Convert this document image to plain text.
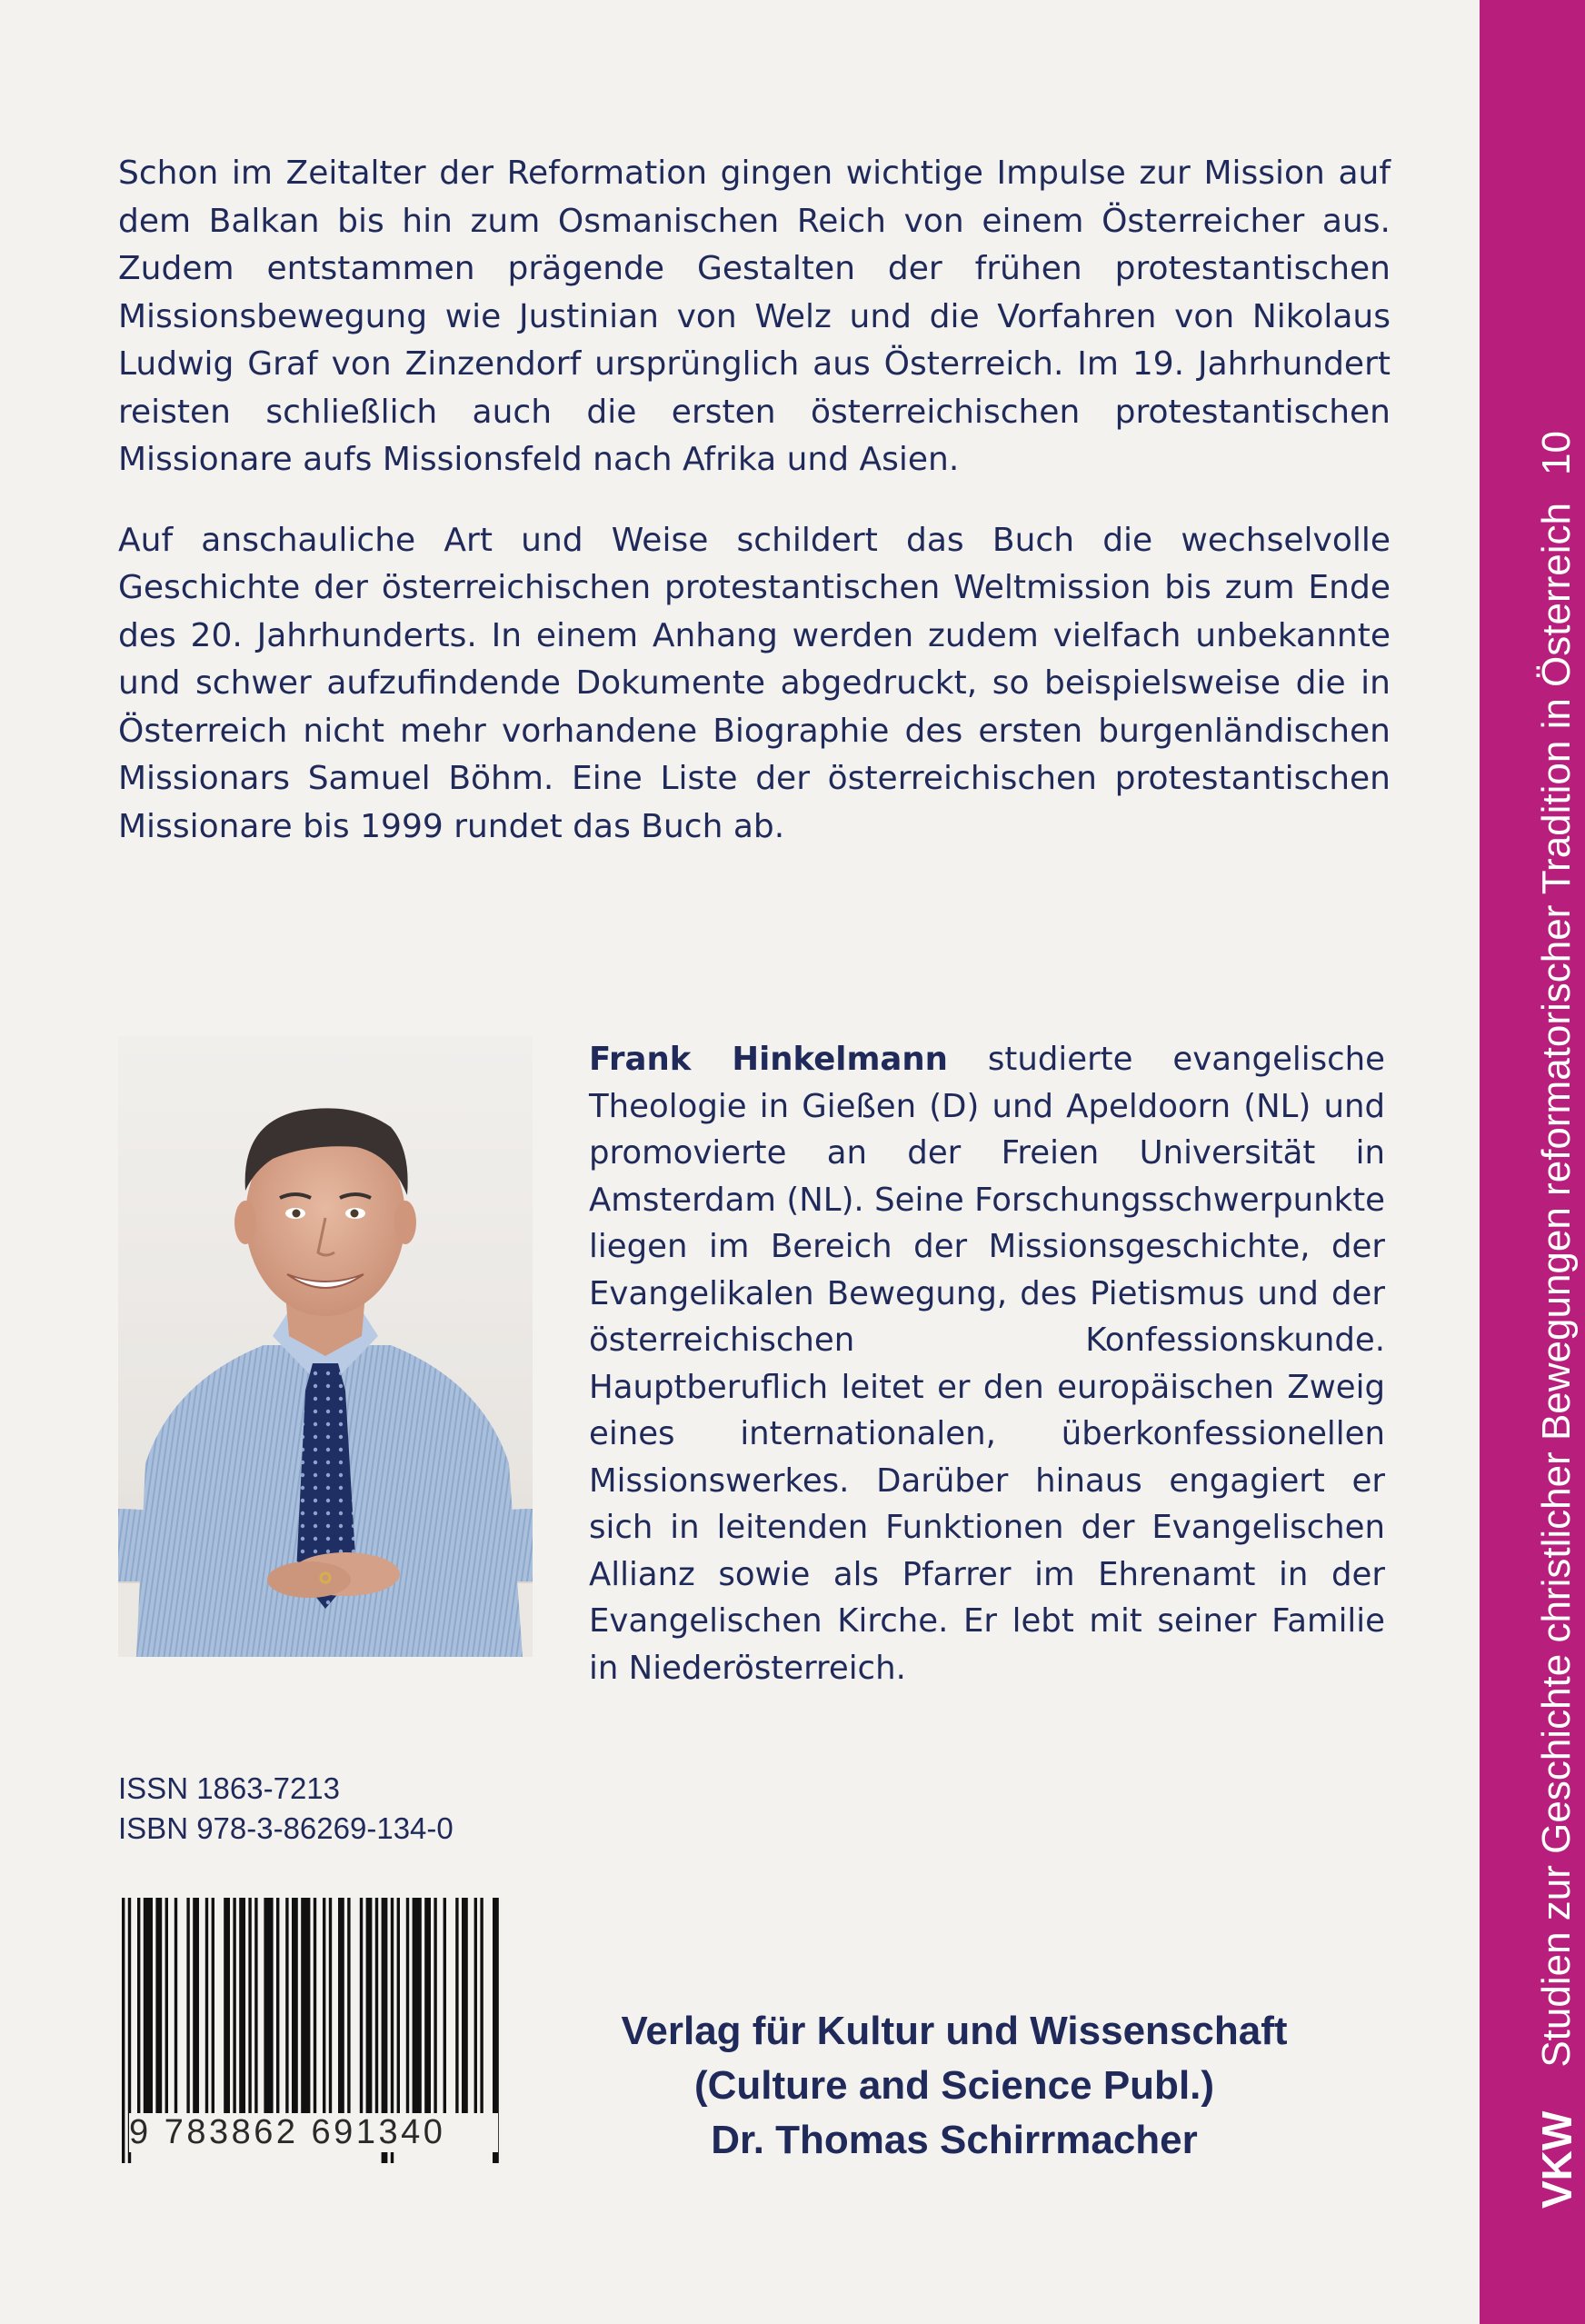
Schon im Zeitalter der Reformation gingen wichtige Impulse zur Mission auf dem Balkan bis hin zum Osmanischen Reich von einem Österreicher aus. Zudem entstammen prägende Gestalten der frühen protestantischen Missionsbewegung wie Justinian von Welz und die Vorfahren von Nikolaus Ludwig Graf von Zinzendorf ursprünglich aus Österreich. Im 19. Jahrhundert reisten schließlich auch die ersten österreichischen protestantischen Missionare aufs Missionsfeld nach Afrika und Asien.

Auf anschauliche Art und Weise schildert das Buch die wechselvolle Geschichte der österreichischen protestantischen Weltmission bis zum Ende des 20. Jahrhunderts. In einem Anhang werden zudem vielfach unbekannte und schwer aufzufindende Dokumente abgedruckt, so beispielsweise die in Österreich nicht mehr vorhandene Biographie des ersten burgenländischen Missionars Samuel Böhm. Eine Liste der österreichischen protestantischen Missionare bis 1999 rundet das Buch ab.

Frank Hinkelmann studierte evangelische Theologie in Gießen (D) und Apeldoorn (NL) und promovierte an der Freien Universität in Amsterdam (NL). Seine Forschungsschwerpunkte liegen im Bereich der Missionsgeschichte, der Evangelikalen Bewegung, des Pietismus und der österreichischen Konfessionskunde. Hauptberuflich leitet er den europäischen Zweig eines internationalen, überkonfessionellen Missionswerkes. Darüber hinaus engagiert er sich in leitenden Funktionen der Evangelischen Allianz sowie als Pfarrer im Ehrenamt in der Evangelischen Kirche. Er lebt mit seiner Familie in Niederösterreich.

ISSN 1863-7213
ISBN 978-3-86269-134-0
9 783862 691340
Verlag für Kultur und Wissenschaft
(Culture and Science Publ.)
Dr. Thomas Schirrmacher	VKWStudien zur Geschichte christlicher Bewegungen reformatorischer Tradition in Österreich10
